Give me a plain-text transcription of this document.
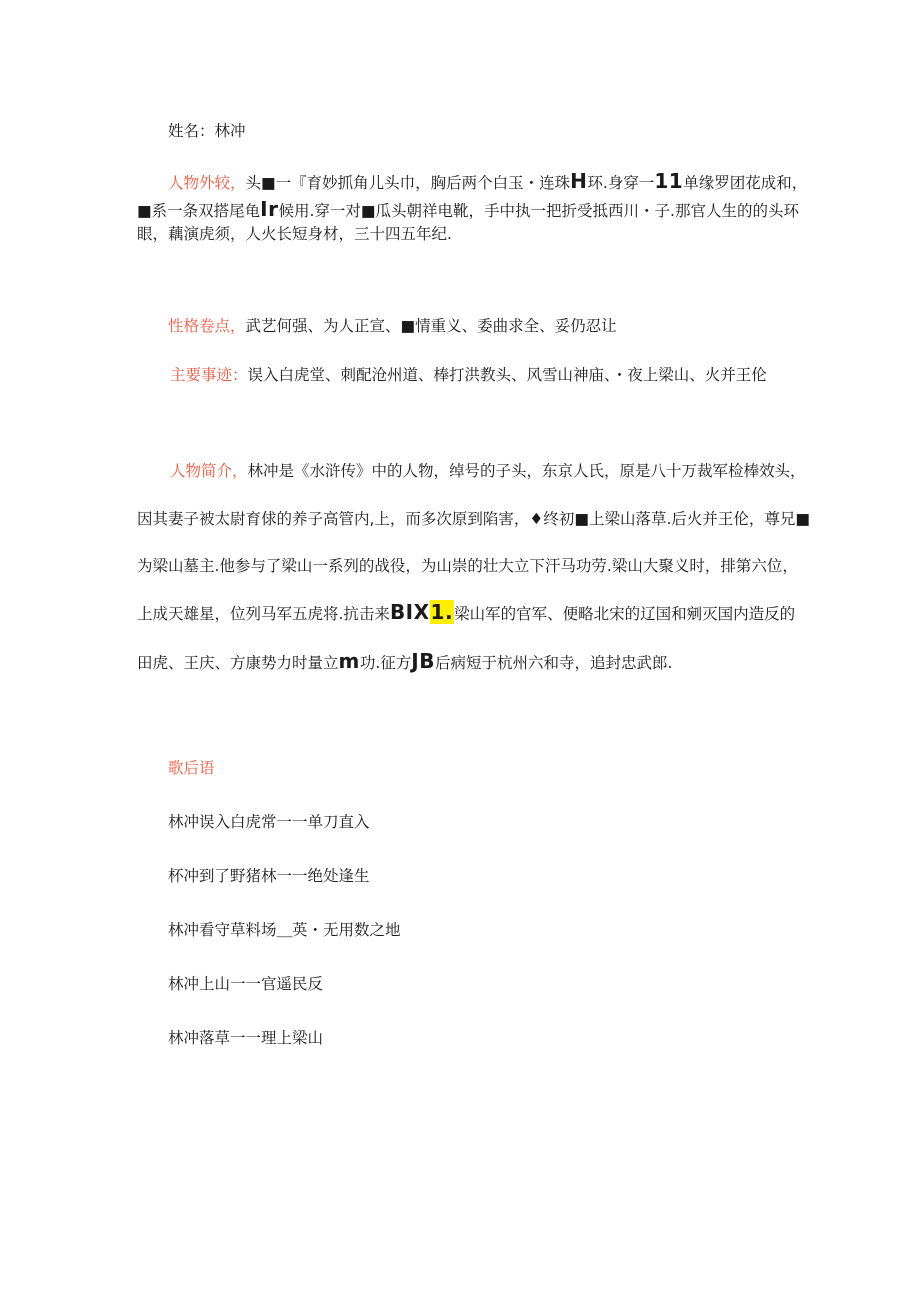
姓名：林冲
人物外较，头■一『育妙抓角儿头巾，胸后两个白玉・连珠H环.身穿一11单缘罗团花成和，
■系一条双搭尾龟Ir候用.穿一对■瓜头朝祥电靴，手中执一把折受抵西川・子.那官人生的的头环
眼，藕演虎须，人火长短身材，三十四五年纪.
性格卷点，武艺何强、为人正宣、■情重义、委曲求全、妥仍忍让
主要事迹：误入白虎堂、刺配沧州道、棒打洪教头、风雪山神庙、・夜上梁山、火并王伦
人物简介，林冲是《水浒传》中的人物，绰号的子头，东京人氏，原是八十万裁军检棒效头，
因其妻子被太尉育俅的养子高管内,上，而多次原到陷害，♦终初■上梁山落草.后火并王伦，尊兄■
为梁山墓主.他参与了梁山一系列的战役，为山崇的壮大立下汗马功劳.梁山大聚义时，排第六位，
上成天雄星，位列马军五虎将.抗击来BIX1.梁山军的官军、便略北宋的辽国和剜灭国内造反的
田虎、王庆、方康势力时量立m功.征方JB后病短于杭州六和寺，追封忠武郎.
歌后语
林冲误入白虎常一一单刀直入
杯冲到了野猪林一一绝处逢生
林冲看守草料场＿英・无用数之地
林冲上山一一官遥民反
林冲落草一一理上梁山
